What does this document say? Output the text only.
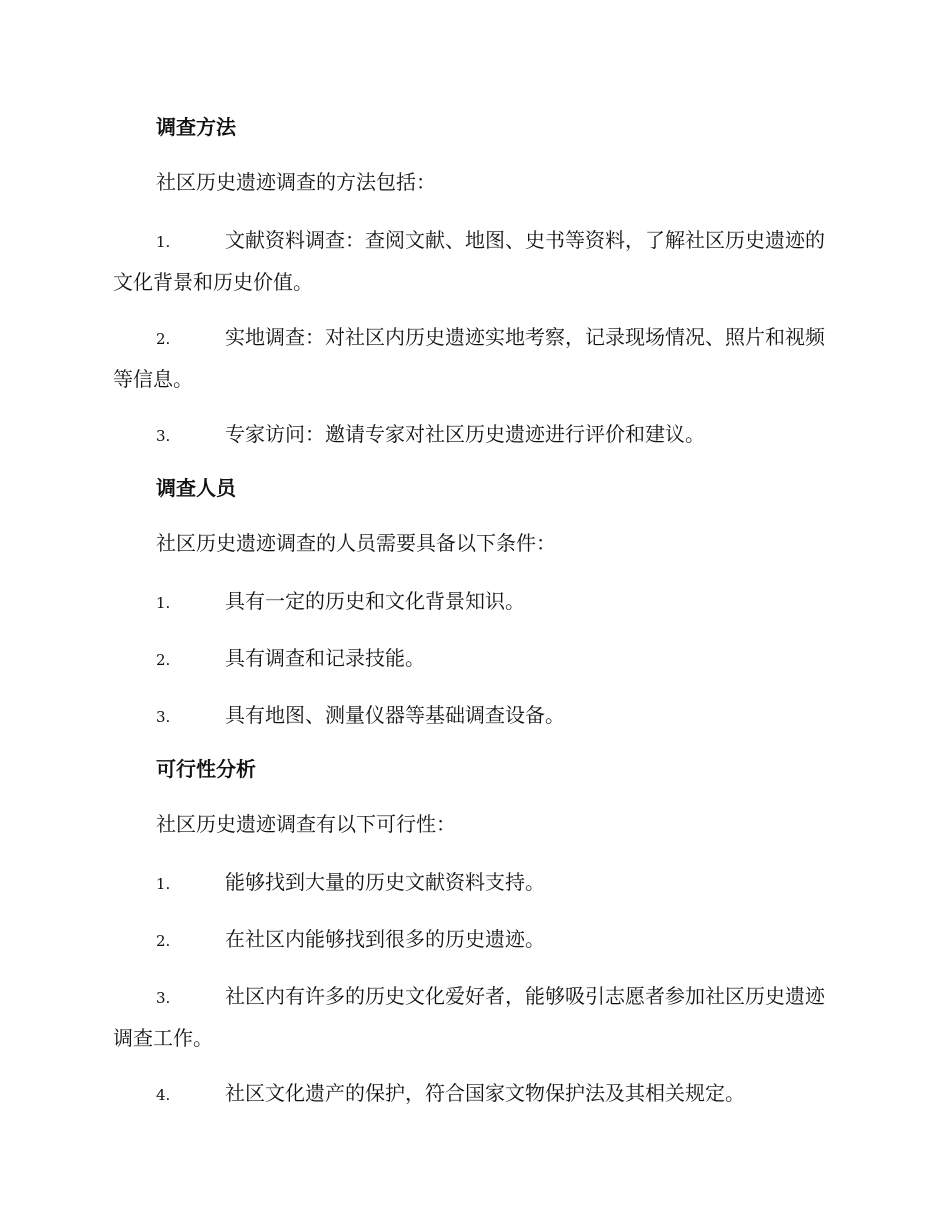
调查方法
社区历史遗迹调查的方法包括：
1.	文献资料调查：查阅文献、地图、史书等资料，了解社区历史遗迹的文化背景和历史价值。
2.	实地调查：对社区内历史遗迹实地考察，记录现场情况、照片和视频等信息。
3.	专家访问：邀请专家对社区历史遗迹进行评价和建议。
调查人员
社区历史遗迹调查的人员需要具备以下条件：
1.	具有一定的历史和文化背景知识。
2.	具有调查和记录技能。
3.	具有地图、测量仪器等基础调查设备。
可行性分析
社区历史遗迹调查有以下可行性：
1.	能够找到大量的历史文献资料支持。
2.	在社区内能够找到很多的历史遗迹。
3.	社区内有许多的历史文化爱好者，能够吸引志愿者参加社区历史遗迹调查工作。
4.	社区文化遗产的保护，符合国家文物保护法及其相关规定。
